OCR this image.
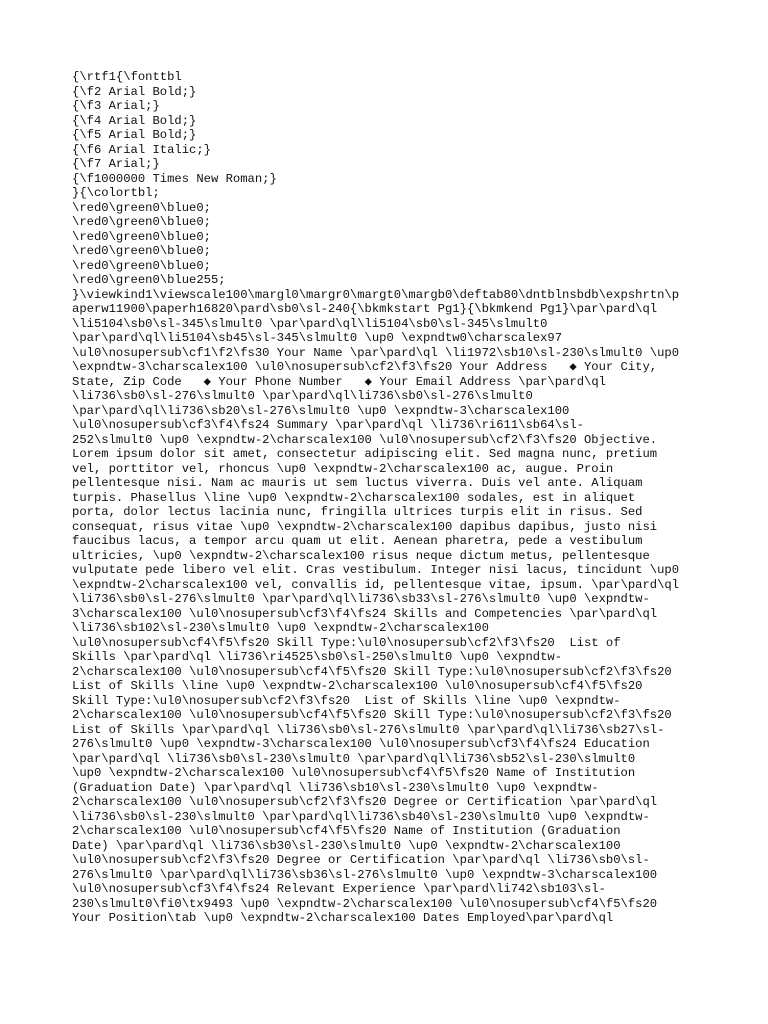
{\rtf1{\fonttbl
{\f2 Arial Bold;}
{\f3 Arial;}
{\f4 Arial Bold;}
{\f5 Arial Bold;}
{\f6 Arial Italic;}
{\f7 Arial;}
{\f1000000 Times New Roman;}
}{\colortbl;
\red0\green0\blue0;
\red0\green0\blue0;
\red0\green0\blue0;
\red0\green0\blue0;
\red0\green0\blue0;
\red0\green0\blue255;
}\viewkind1\viewscale100\margl0\margr0\margt0\margb0\deftab80\dntblnsbdb\expshrtn\p
aperw11900\paperh16820\pard\sb0\sl-240{\bkmkstart Pg1}{\bkmkend Pg1}\par\pard\ql
\li5104\sb0\sl-345\slmult0 \par\pard\ql\li5104\sb0\sl-345\slmult0
\par\pard\ql\li5104\sb45\sl-345\slmult0 \up0 \expndtw0\charscalex97
\ul0\nosupersub\cf1\f2\fs30 Your Name \par\pard\ql \li1972\sb10\sl-230\slmult0 \up0
\expndtw-3\charscalex100 \ul0\nosupersub\cf2\f3\fs20 Your Address   ◆ Your City,
State, Zip Code   ◆ Your Phone Number   ◆ Your Email Address \par\pard\ql
\li736\sb0\sl-276\slmult0 \par\pard\ql\li736\sb0\sl-276\slmult0
\par\pard\ql\li736\sb20\sl-276\slmult0 \up0 \expndtw-3\charscalex100
\ul0\nosupersub\cf3\f4\fs24 Summary \par\pard\ql \li736\ri611\sb64\sl-
252\slmult0 \up0 \expndtw-2\charscalex100 \ul0\nosupersub\cf2\f3\fs20 Objective.
Lorem ipsum dolor sit amet, consectetur adipiscing elit. Sed magna nunc, pretium
vel, porttitor vel, rhoncus \up0 \expndtw-2\charscalex100 ac, augue. Proin
pellentesque nisi. Nam ac mauris ut sem luctus viverra. Duis vel ante. Aliquam
turpis. Phasellus \line \up0 \expndtw-2\charscalex100 sodales, est in aliquet
porta, dolor lectus lacinia nunc, fringilla ultrices turpis elit in risus. Sed
consequat, risus vitae \up0 \expndtw-2\charscalex100 dapibus dapibus, justo nisi
faucibus lacus, a tempor arcu quam ut elit. Aenean pharetra, pede a vestibulum
ultricies, \up0 \expndtw-2\charscalex100 risus neque dictum metus, pellentesque
vulputate pede libero vel elit. Cras vestibulum. Integer nisi lacus, tincidunt \up0
\expndtw-2\charscalex100 vel, convallis id, pellentesque vitae, ipsum. \par\pard\ql
\li736\sb0\sl-276\slmult0 \par\pard\ql\li736\sb33\sl-276\slmult0 \up0 \expndtw-
3\charscalex100 \ul0\nosupersub\cf3\f4\fs24 Skills and Competencies \par\pard\ql
\li736\sb102\sl-230\slmult0 \up0 \expndtw-2\charscalex100
\ul0\nosupersub\cf4\f5\fs20 Skill Type:\ul0\nosupersub\cf2\f3\fs20  List of
Skills \par\pard\ql \li736\ri4525\sb0\sl-250\slmult0 \up0 \expndtw-
2\charscalex100 \ul0\nosupersub\cf4\f5\fs20 Skill Type:\ul0\nosupersub\cf2\f3\fs20
List of Skills \line \up0 \expndtw-2\charscalex100 \ul0\nosupersub\cf4\f5\fs20
Skill Type:\ul0\nosupersub\cf2\f3\fs20  List of Skills \line \up0 \expndtw-
2\charscalex100 \ul0\nosupersub\cf4\f5\fs20 Skill Type:\ul0\nosupersub\cf2\f3\fs20
List of Skills \par\pard\ql \li736\sb0\sl-276\slmult0 \par\pard\ql\li736\sb27\sl-
276\slmult0 \up0 \expndtw-3\charscalex100 \ul0\nosupersub\cf3\f4\fs24 Education
\par\pard\ql \li736\sb0\sl-230\slmult0 \par\pard\ql\li736\sb52\sl-230\slmult0
\up0 \expndtw-2\charscalex100 \ul0\nosupersub\cf4\f5\fs20 Name of Institution
(Graduation Date) \par\pard\ql \li736\sb10\sl-230\slmult0 \up0 \expndtw-
2\charscalex100 \ul0\nosupersub\cf2\f3\fs20 Degree or Certification \par\pard\ql
\li736\sb0\sl-230\slmult0 \par\pard\ql\li736\sb40\sl-230\slmult0 \up0 \expndtw-
2\charscalex100 \ul0\nosupersub\cf4\f5\fs20 Name of Institution (Graduation
Date) \par\pard\ql \li736\sb30\sl-230\slmult0 \up0 \expndtw-2\charscalex100
\ul0\nosupersub\cf2\f3\fs20 Degree or Certification \par\pard\ql \li736\sb0\sl-
276\slmult0 \par\pard\ql\li736\sb36\sl-276\slmult0 \up0 \expndtw-3\charscalex100
\ul0\nosupersub\cf3\f4\fs24 Relevant Experience \par\pard\li742\sb103\sl-
230\slmult0\fi0\tx9493 \up0 \expndtw-2\charscalex100 \ul0\nosupersub\cf4\f5\fs20
Your Position\tab \up0 \expndtw-2\charscalex100 Dates Employed\par\pard\ql
